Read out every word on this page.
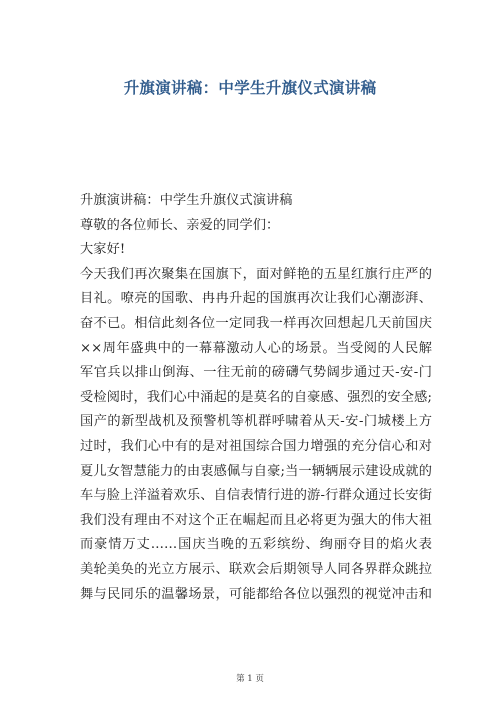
升旗演讲稿：中学生升旗仪式演讲稿

升旗演讲稿：中学生升旗仪式演讲稿

尊敬的各位师长、亲爱的同学们：

大家好!

今天我们再次聚集在国旗下，面对鲜艳的五星红旗行庄严的

目礼。嘹亮的国歌、冉冉升起的国旗再次让我们心潮澎湃、

奋不已。相信此刻各位一定同我一样再次回想起几天前国庆

××周年盛典中的一幕幕激动人心的场景。当受阅的人民解

军官兵以排山倒海、一往无前的磅礴气势阔步通过天-安-门

受检阅时，我们心中涌起的是莫名的自豪感、强烈的安全感;

国产的新型战机及预警机等机群呼啸着从天-安-门城楼上方

过时，我们心中有的是对祖国综合国力增强的充分信心和对

夏儿女智慧能力的由衷感佩与自豪;当一辆辆展示建设成就的

车与脸上洋溢着欢乐、自信表情行进的游-行群众通过长安街

我们没有理由不对这个正在崛起而且必将更为强大的伟大祖

而豪情万丈……国庆当晚的五彩缤纷、绚丽夺目的焰火表

美轮美奂的光立方展示、联欢会后期领导人同各界群众跳拉

舞与民同乐的温馨场景，可能都给各位以强烈的视觉冲击和

第 1 页
